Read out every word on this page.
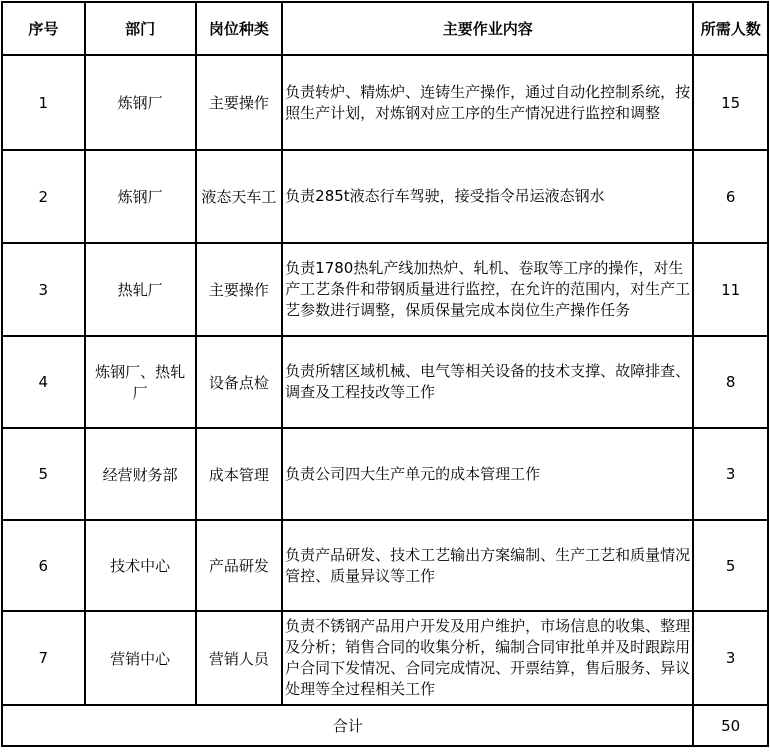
序号	部门	岗位种类	主要作业内容	所需人数
1	炼钢厂	主要操作	负责转炉、精炼炉、连铸生产操作，通过自动化控制系统，按照生产计划，对炼钢对应工序的生产情况进行监控和调整	15
2	炼钢厂	液态天车工	负责285t液态行车驾驶，接受指令吊运液态钢水	6
3	热轧厂	主要操作	负责1780热轧产线加热炉、轧机、卷取等工序的操作，对生产工艺条件和带钢质量进行监控，在允许的范围内，对生产工艺参数进行调整，保质保量完成本岗位生产操作任务	11
4	炼钢厂、热轧厂	设备点检	负责所辖区域机械、电气等相关设备的技术支撑、故障排查、调查及工程技改等工作	8
5	经营财务部	成本管理	负责公司四大生产单元的成本管理工作	3
6	技术中心	产品研发	负责产品研发、技术工艺输出方案编制、生产工艺和质量情况管控、质量异议等工作	5
7	营销中心	营销人员	负责不锈钢产品用户开发及用户维护，市场信息的收集、整理及分析；销售合同的收集分析，编制合同审批单并及时跟踪用户合同下发情况、合同完成情况、开票结算，售后服务、异议处理等全过程相关工作	3
合计				50
